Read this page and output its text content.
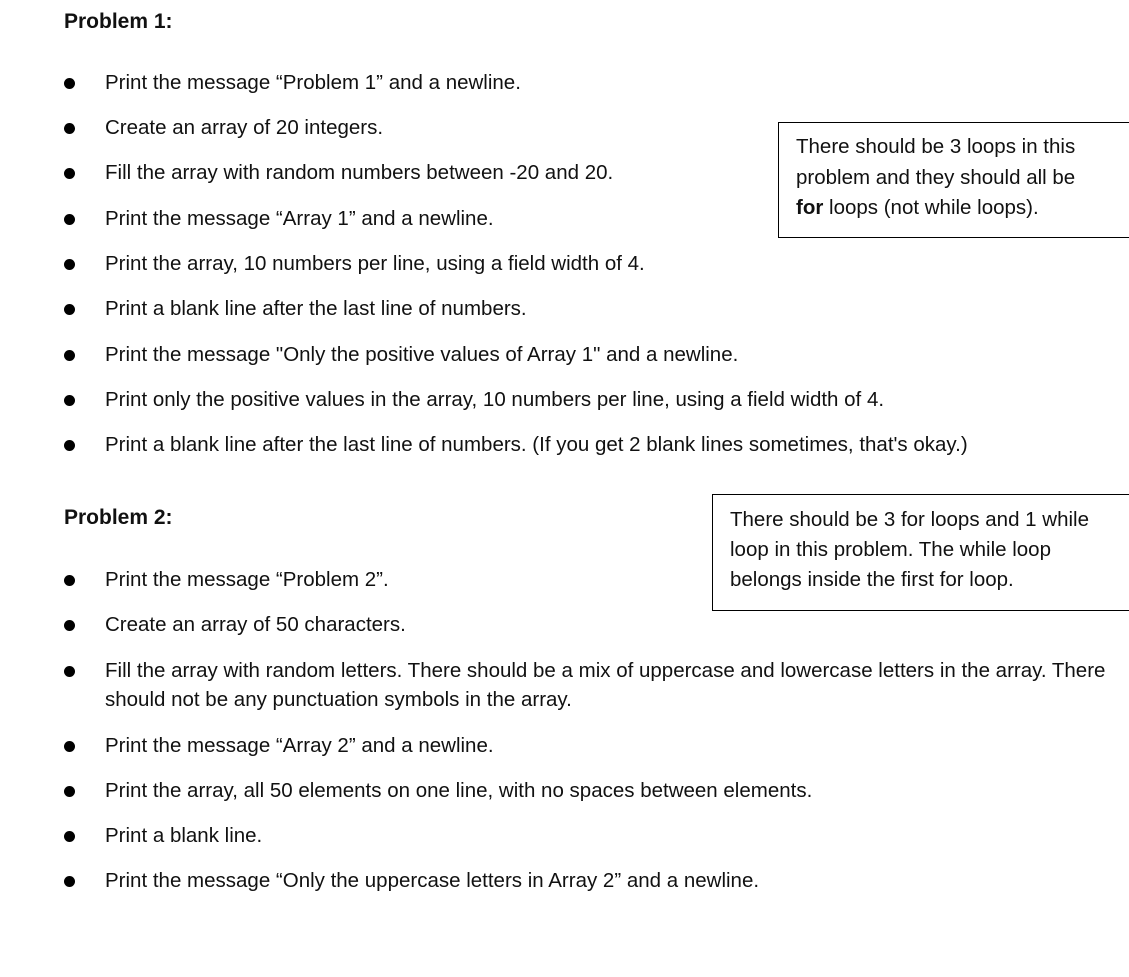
Problem 1:
Print the message “Problem 1” and a newline.
Create an array of 20 integers.
Fill the array with random numbers between -20 and 20.
Print the message “Array 1” and a newline.
Print the array, 10 numbers per line, using a field width of 4.
Print a blank line after the last line of numbers.
Print the message "Only the positive values of Array 1" and a newline.
Print only the positive values in the array, 10 numbers per line, using a field width of 4.
Print a blank line after the last line of numbers. (If you get 2 blank lines sometimes, that's okay.)
There should be 3 loops in this
problem and they should all be
for loops (not while loops).
Problem 2:
Print the message “Problem 2”.
Create an array of 50 characters.
Fill the array with random letters. There should be a mix of uppercase and lowercase letters in the array. There should not be any punctuation symbols in the array.
Print the message “Array 2” and a newline.
Print the array, all 50 elements on one line, with no spaces between elements.
Print a blank line.
Print the message “Only the uppercase letters in Array 2” and a newline.
There should be 3 for loops and 1 while
loop in this problem. The while loop
belongs inside the first for loop.
